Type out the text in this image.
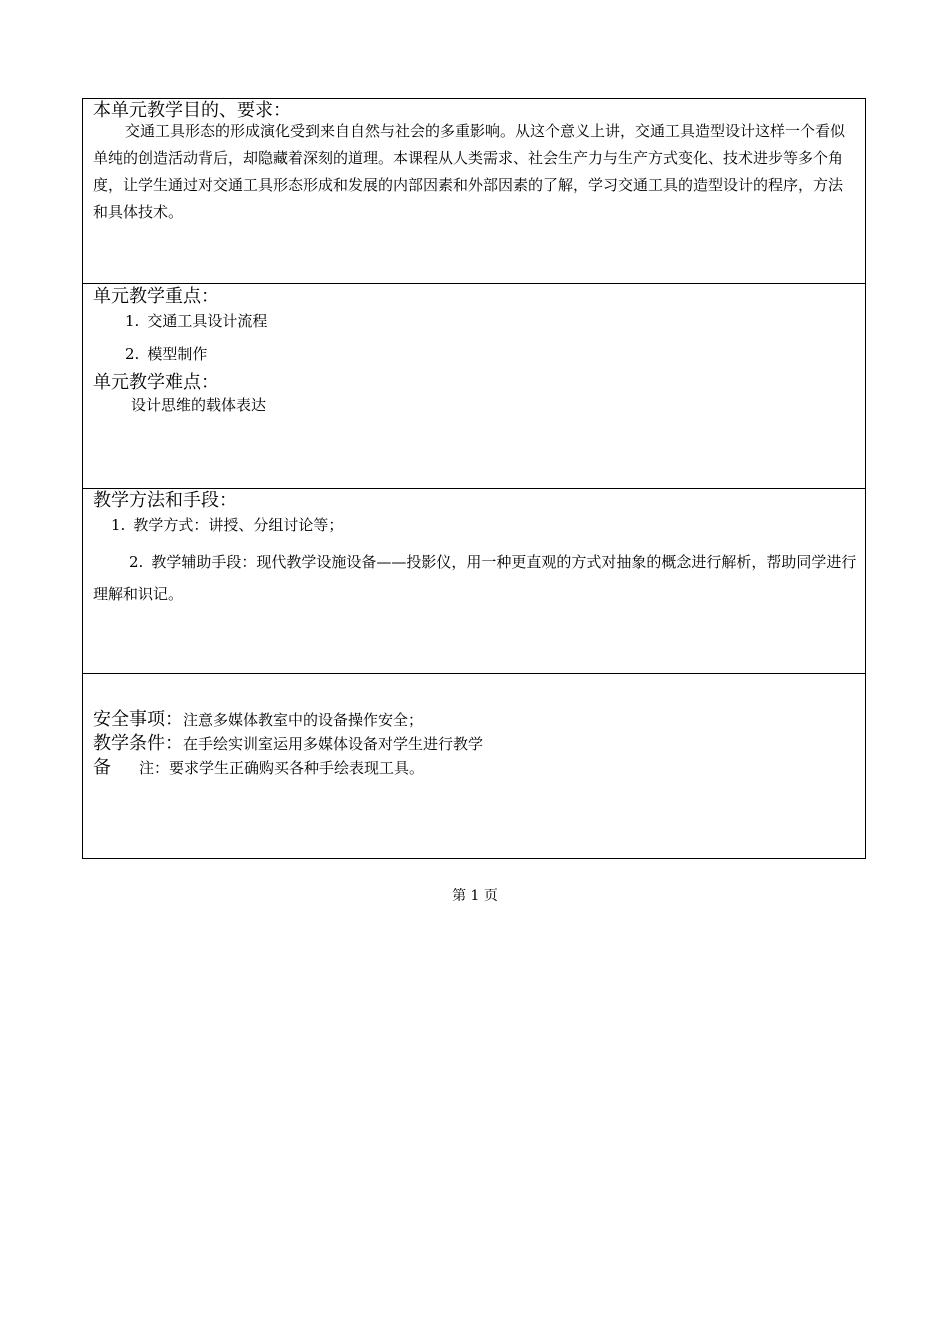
本单元教学目的、要求：

交通工具形态的形成演化受到来自自然与社会的多重影响。从这个意义上讲，交通工具造型设计这样一个看似单纯的创造活动背后，却隐藏着深刻的道理。本课程从人类需求、社会生产力与生产方式变化、技术进步等多个角度，让学生通过对交通工具形态形成和发展的内部因素和外部因素的了解，学习交通工具的造型设计的程序，方法和具体技术。

单元教学重点：

1. 交通工具设计流程

2. 模型制作

单元教学难点：

设计思维的载体表达

教学方法和手段：

1. 教学方式：讲授、分组讨论等；

2. 教学辅助手段：现代教学设施设备——投影仪，用一种更直观的方式对抽象的概念进行解析，帮助同学进行理解和识记。

安全事项：注意多媒体教室中的设备操作安全；

教学条件：在手绘实训室运用多媒体设备对学生进行教学

备 注：要求学生正确购买各种手绘表现工具。

第 1 页
